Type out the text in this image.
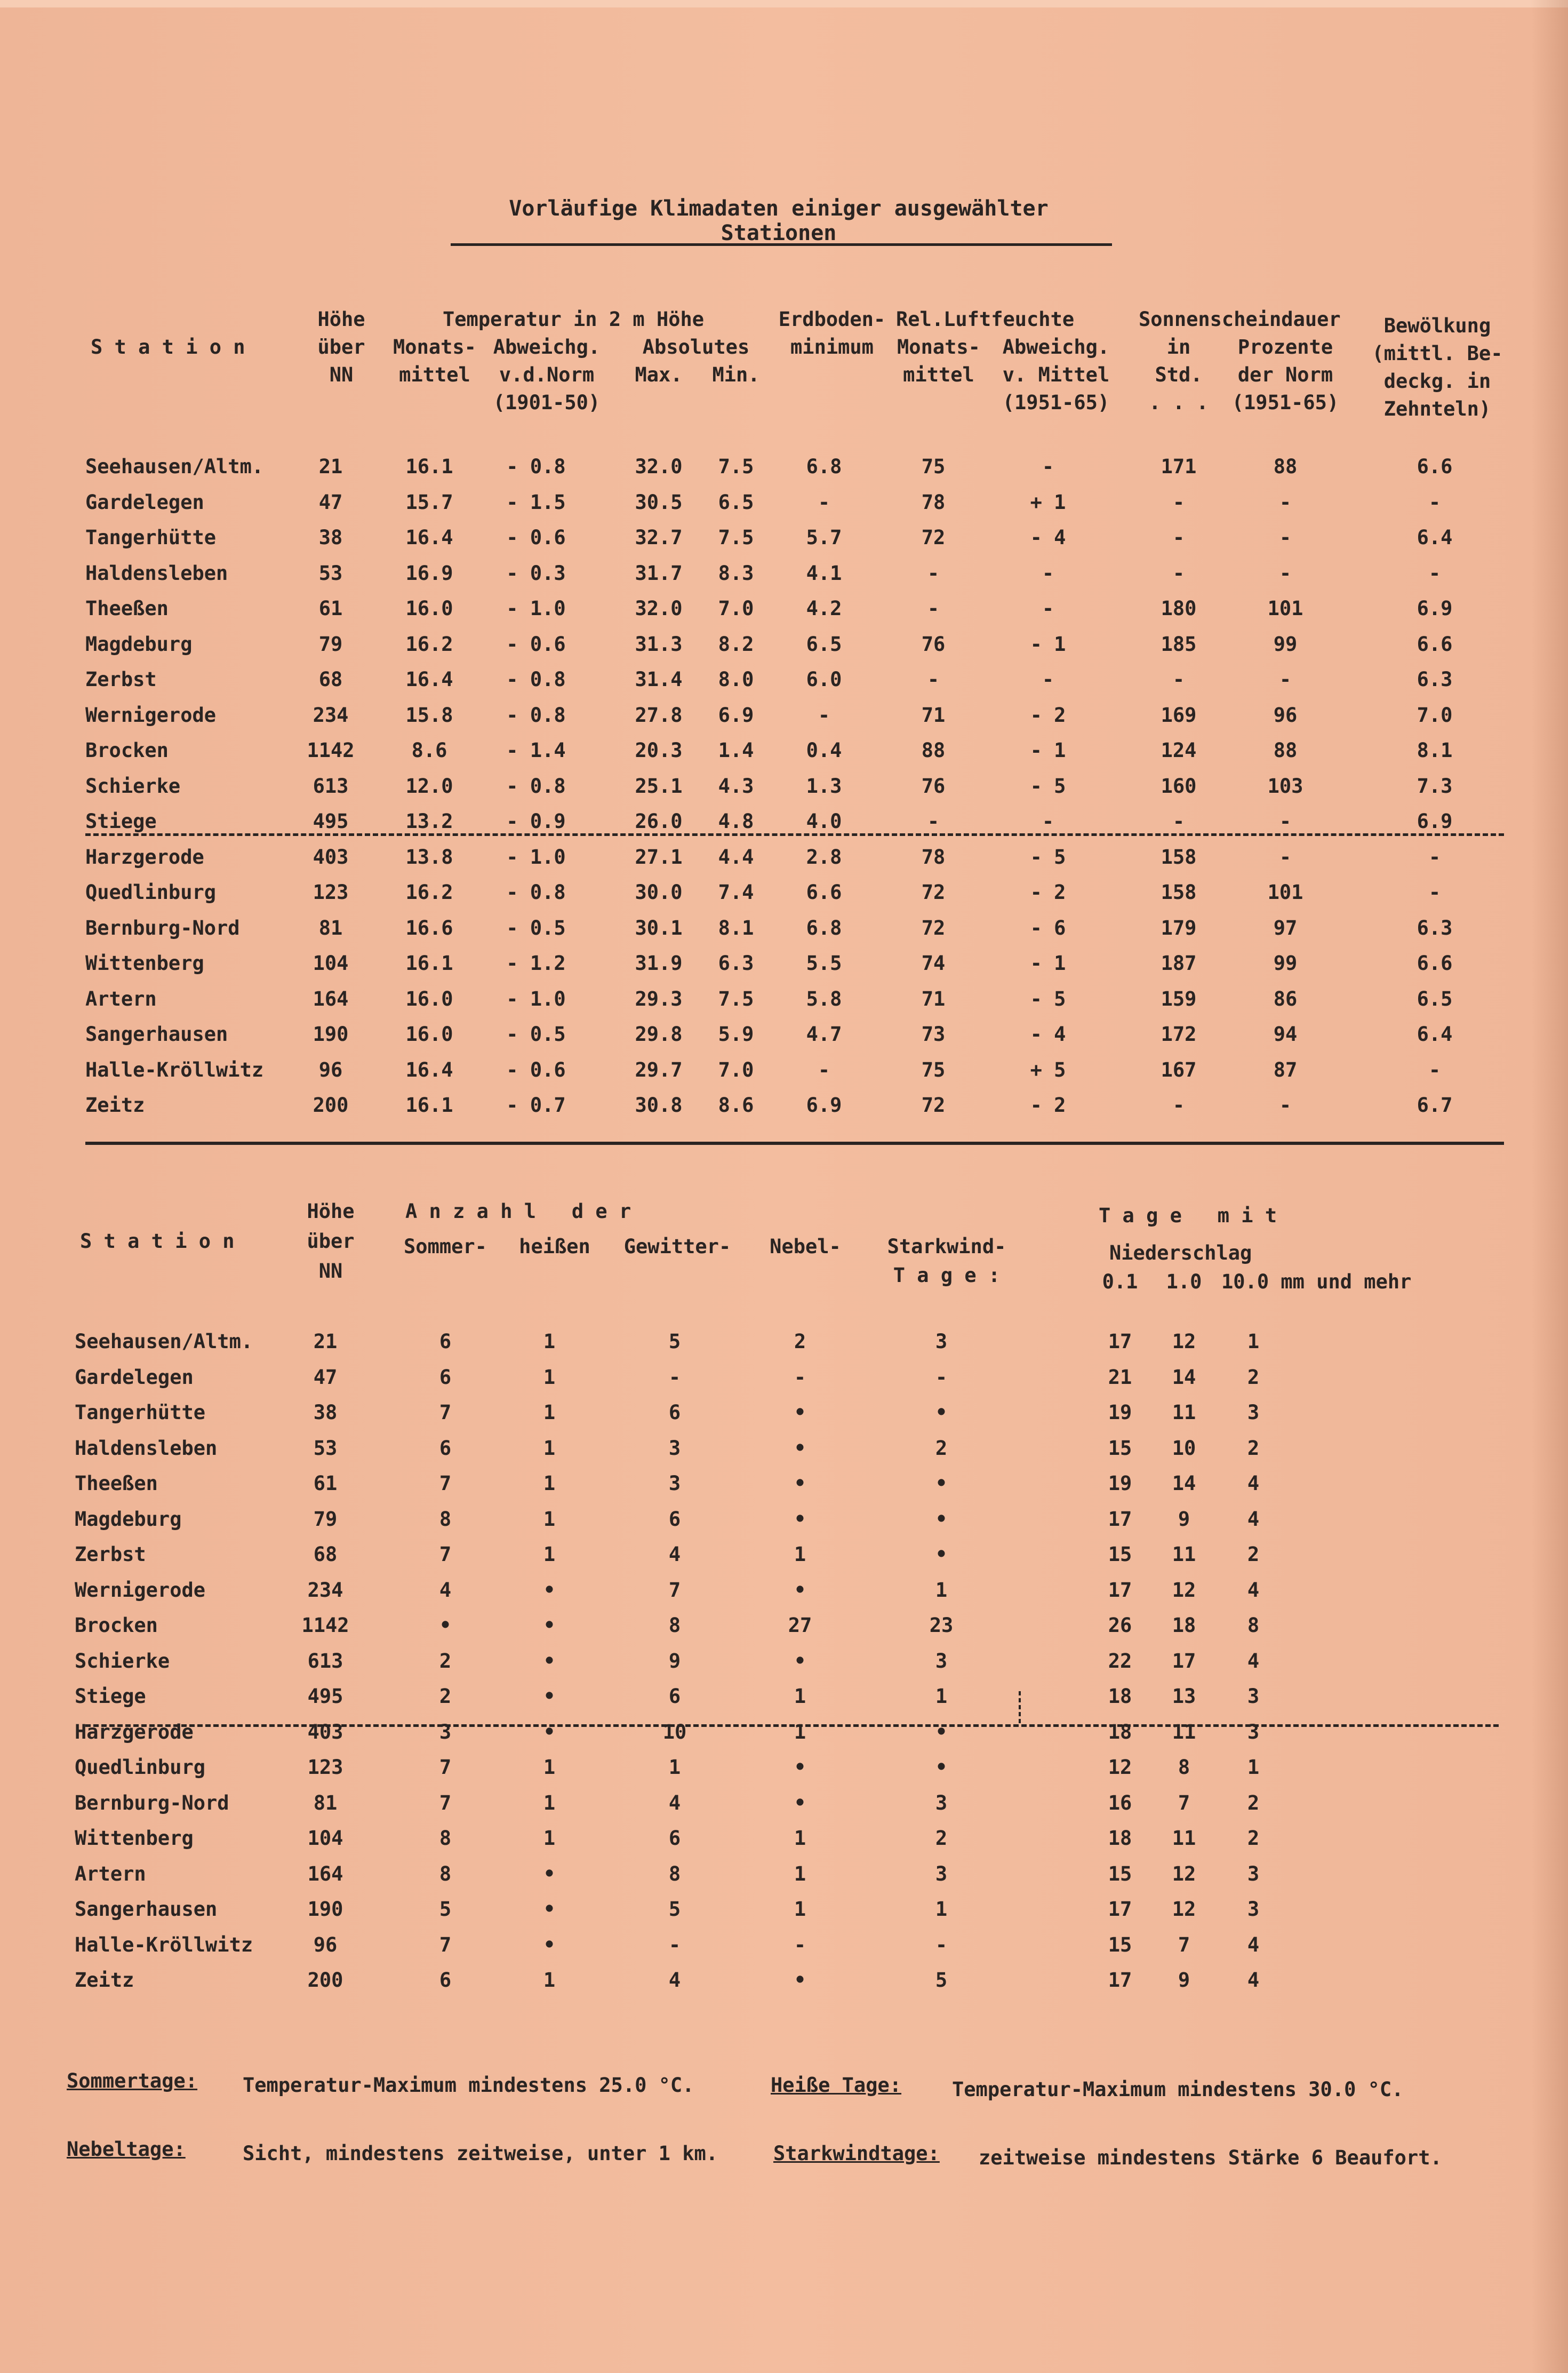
Vorläufige Klimadaten einiger ausgewählter Stationen
S t a t i o n
Höhe
über
NN
Temperatur in 2 m Höhe
Monats-
mittel
Abweichg.
v.d.Norm
(1901-50)
Absolutes
Max.	Min.
Erdboden-
minimum
Rel.Luftfeuchte
Monats-
mittel
Abweichg.
v. Mittel
(1951-65)
Sonnenscheindauer
in
Std.
. . .
Prozente
der Norm
(1951-65)
Bewölkung
(mittl. Be-
deckg. in
Zehnteln)
Seehausen/Altm.	21	16.1	- 0.8	32.0	7.5	6.8	75	-	171	88	6.6
Gardelegen	47	15.7	- 1.5	30.5	6.5	-	78	+ 1	-	-	-
Tangerhütte	38	16.4	- 0.6	32.7	7.5	5.7	72	- 4	-	-	6.4
Haldensleben	53	16.9	- 0.3	31.7	8.3	4.1	-	-	-	-	-
Theeßen	61	16.0	- 1.0	32.0	7.0	4.2	-	-	180	101	6.9
Magdeburg	79	16.2	- 0.6	31.3	8.2	6.5	76	- 1	185	99	6.6
Zerbst	68	16.4	- 0.8	31.4	8.0	6.0	-	-	-	-	6.3
Wernigerode	234	15.8	- 0.8	27.8	6.9	-	71	- 2	169	96	7.0
Brocken	1142	8.6	- 1.4	20.3	1.4	0.4	88	- 1	124	88	8.1
Schierke	613	12.0	- 0.8	25.1	4.3	1.3	76	- 5	160	103	7.3
Stiege	495	13.2	- 0.9	26.0	4.8	4.0	-	-	-	-	6.9
Harzgerode	403	13.8	- 1.0	27.1	4.4	2.8	78	- 5	158	-	-
Quedlinburg	123	16.2	- 0.8	30.0	7.4	6.6	72	- 2	158	101	-
Bernburg-Nord	81	16.6	- 0.5	30.1	8.1	6.8	72	- 6	179	97	6.3
Wittenberg	104	16.1	- 1.2	31.9	6.3	5.5	74	- 1	187	99	6.6
Artern	164	16.0	- 1.0	29.3	7.5	5.8	71	- 5	159	86	6.5
Sangerhausen	190	16.0	- 0.5	29.8	5.9	4.7	73	- 4	172	94	6.4
Halle-Kröllwitz	96	16.4	- 0.6	29.7	7.0	-	75	+ 5	167	87	-
Zeitz	200	16.1	- 0.7	30.8	8.6	6.9	72	- 2	-	-	6.7
S t a t i o n
Höhe
über
NN
A n z a h l   d e r
Sommer-	heißen	Gewitter-	Nebel-	Starkwind-
T a g e :
T a g e   m i t
Niederschlag
0.1	1.0 10.0 mm und mehr
Seehausen/Altm.	21	6	1	5	2	3	17	12	1
Gardelegen	47	6	1	-	-	-	21	14	2
Tangerhütte	38	7	1	6	•	•	19	11	3
Haldensleben	53	6	1	3	•	2	15	10	2
Theeßen	61	7	1	3	•	•	19	14	4
Magdeburg	79	8	1	6	•	•	17	9	4
Zerbst	68	7	1	4	1	•	15	11	2
Wernigerode	234	4	•	7	•	1	17	12	4
Brocken	1142	•	•	8	27	23	26	18	8
Schierke	613	2	•	9	•	3	22	17	4
Stiege	495	2	•	6	1	1	18	13	3
Harzgerode	403	3	•	10	1	•	18	11	3
Quedlinburg	123	7	1	1	•	•	12	8	1
Bernburg-Nord	81	7	1	4	•	3	16	7	2
Wittenberg	104	8	1	6	1	2	18	11	2
Artern	164	8	•	8	1	3	15	12	3
Sangerhausen	190	5	•	5	1	1	17	12	3
Halle-Kröllwitz	96	7	•	-	-	-	15	7	4
Zeitz	200	6	1	4	•	5	17	9	4
Sommertage: Temperatur-Maximum mindestens 25.0 °C.	Heiße Tage:	Temperatur-Maximum mindestens 30.0 °C.
Nebeltage:	Sicht, mindestens zeitweise, unter 1 km.	Starkwindtage: zeitweise mindestens Stärke 6 Beaufort.
